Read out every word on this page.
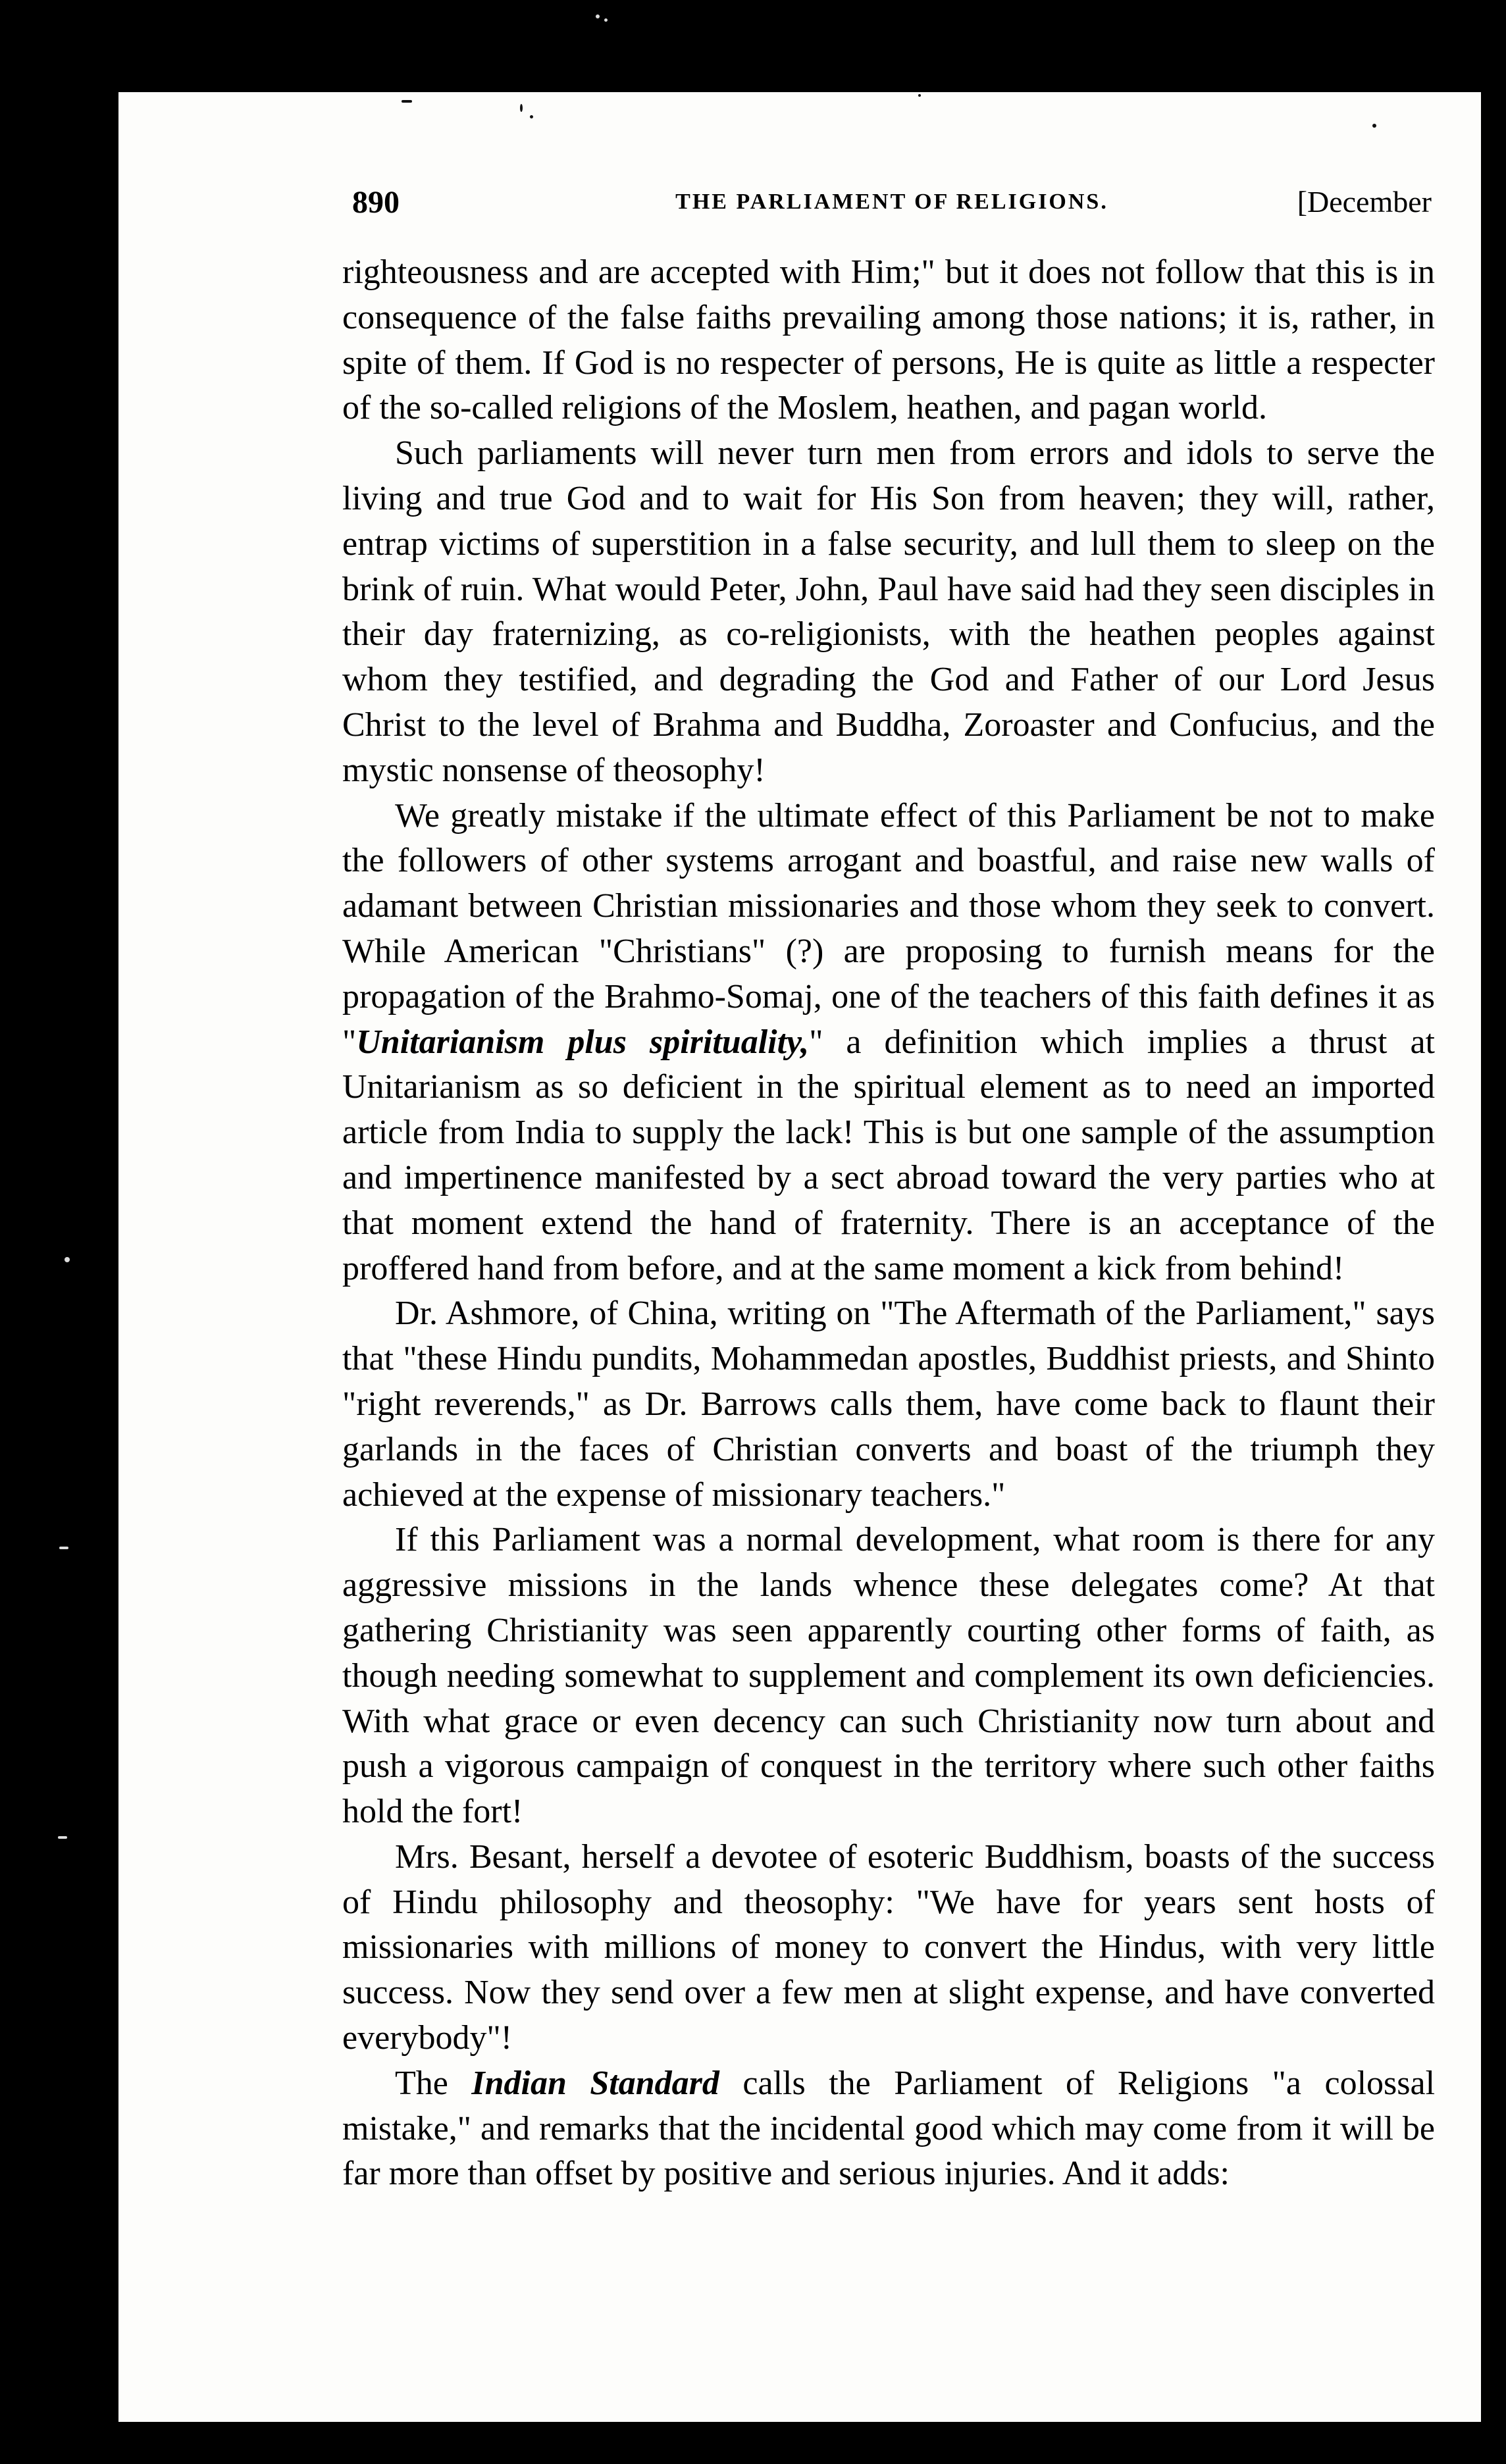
890	THE PARLIAMENT OF RELIGIONS.	[December

righteousness and are accepted with Him;" but it does not follow that this is in consequence of the false faiths prevailing among those nations; it is, rather, in spite of them. If God is no respecter of persons, He is quite as little a respecter of the so-called religions of the Moslem, heathen, and pagan world.

Such parliaments will never turn men from errors and idols to serve the living and true God and to wait for His Son from heaven; they will, rather, entrap victims of superstition in a false security, and lull them to sleep on the brink of ruin. What would Peter, John, Paul have said had they seen disciples in their day fraternizing, as co-religionists, with the heathen peoples against whom they testified, and degrading the God and Father of our Lord Jesus Christ to the level of Brahma and Buddha, Zoroaster and Confucius, and the mystic nonsense of theosophy!

We greatly mistake if the ultimate effect of this Parliament be not to make the followers of other systems arrogant and boastful, and raise new walls of adamant between Christian missionaries and those whom they seek to convert. While American "Christians" (?) are proposing to furnish means for the propagation of the Brahmo-Somaj, one of the teachers of this faith defines it as "Unitarianism plus spirituality," a definition which implies a thrust at Unitarianism as so deficient in the spiritual element as to need an imported article from India to supply the lack! This is but one sample of the assumption and impertinence manifested by a sect abroad toward the very parties who at that moment extend the hand of fraternity. There is an acceptance of the proffered hand from before, and at the same moment a kick from behind!

Dr. Ashmore, of China, writing on "The Aftermath of the Parliament," says that "these Hindu pundits, Mohammedan apostles, Buddhist priests, and Shinto "right reverends," as Dr. Barrows calls them, have come back to flaunt their garlands in the faces of Christian converts and boast of the triumph they achieved at the expense of missionary teachers."

If this Parliament was a normal development, what room is there for any aggressive missions in the lands whence these delegates come? At that gathering Christianity was seen apparently courting other forms of faith, as though needing somewhat to supplement and complement its own deficiencies. With what grace or even decency can such Christianity now turn about and push a vigorous campaign of conquest in the territory where such other faiths hold the fort!

Mrs. Besant, herself a devotee of esoteric Buddhism, boasts of the success of Hindu philosophy and theosophy: "We have for years sent hosts of missionaries with millions of money to convert the Hindus, with very little success. Now they send over a few men at slight expense, and have converted everybody"!

The Indian Standard calls the Parliament of Religions "a colossal mistake," and remarks that the incidental good which may come from it will be far more than offset by positive and serious injuries. And it adds:
